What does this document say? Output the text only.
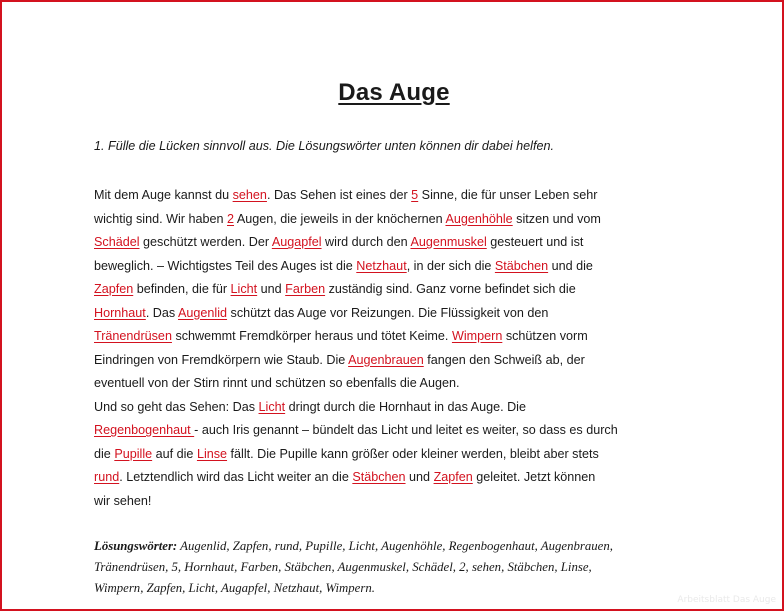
Das Auge
1. Fülle die Lücken sinnvoll aus. Die Lösungswörter unten können dir dabei helfen.
Mit dem Auge kannst du sehen. Das Sehen ist eines der 5 Sinne, die für unser Leben sehr
wichtig sind. Wir haben 2 Augen, die jeweils in der knöchernen Augenhöhle sitzen und vom
Schädel geschützt werden. Der Augapfel wird durch den Augenmuskel gesteuert und ist
beweglich. – Wichtigstes Teil des Auges ist die Netzhaut, in der sich die Stäbchen und die
Zapfen befinden, die für Licht und Farben zuständig sind. Ganz vorne befindet sich die
Hornhaut. Das Augenlid schützt das Auge vor Reizungen. Die Flüssigkeit von den
Tränendrüsen schwemmt Fremdkörper heraus und tötet Keime. Wimpern schützen vorm
Eindringen von Fremdkörpern wie Staub. Die Augenbrauen fangen den Schweiß ab, der
eventuell von der Stirn rinnt und schützen so ebenfalls die Augen.
Und so geht das Sehen: Das Licht dringt durch die Hornhaut in das Auge. Die
Regenbogenhaut - auch Iris genannt – bündelt das Licht und leitet es weiter, so dass es durch
die Pupille auf die Linse fällt. Die Pupille kann größer oder kleiner werden, bleibt aber stets
rund. Letztendlich wird das Licht weiter an die Stäbchen und Zapfen geleitet. Jetzt können
wir sehen!
Lösungswörter: Augenlid, Zapfen, rund, Pupille, Licht, Augenhöhle, Regenbogenhaut, Augenbrauen,
Tränendrüsen, 5, Hornhaut, Farben, Stäbchen, Augenmuskel, Schädel, 2, sehen, Stäbchen, Linse,
Wimpern, Zapfen, Licht, Augapfel, Netzhaut, Wimpern.
Arbeitsblatt Das Auge
